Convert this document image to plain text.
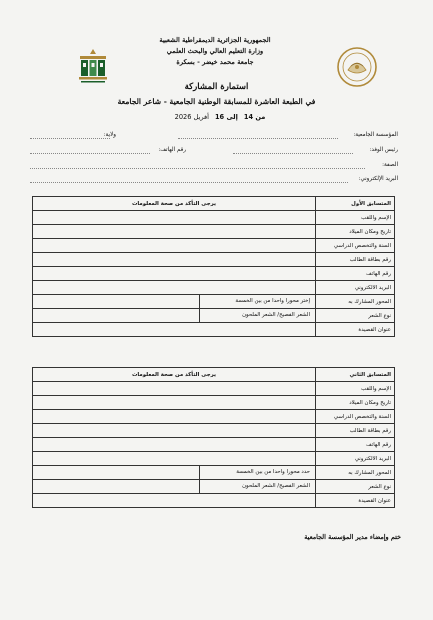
الجمهورية الجزائرية الديمقراطية الشعبية
وزارة التعليم العالي والبحث العلمي
جامعة محمد خيضر - بسكرة
استمارة المشاركة
في الطبعة العاشرة للمسابقة الوطنية الجامعية - شاعر الجامعة
من 14
إلى 16
أفريل 2026
المؤسسة الجامعية:
ولاية:
رئيس الوفد:
رقم الهاتف:
الصفة:
البريد الإلكتروني:
المتسابق الأول	يرجى التأكد من صحة المعلومات
الإسم واللقب	
تاريخ ومكان الميلاد	
السنة والتخصص الدراسي	
رقم بطاقة الطالب	
رقم الهاتف	
البريد الالكتروني	
المحور المشارك به	إختر محورا واحدا من بين الخمسة
نوع الشعر	الشعر الفصيح/ الشعر الملحون
عنوان القصيدة	
المتسابق الثاني	يرجى التأكد من صحة المعلومات
الإسم واللقب	
تاريخ ومكان الميلاد	
السنة والتخصص الدراسي	
رقم بطاقة الطالب	
رقم الهاتف	
البريد الالكتروني	
المحور المشارك به	حدد محورا واحدا من بين الخمسة
نوع الشعر	الشعر الفصيح/ الشعر الملحون
عنوان القصيدة	
ختم وإمضاء مدير المؤسسة الجامعية
